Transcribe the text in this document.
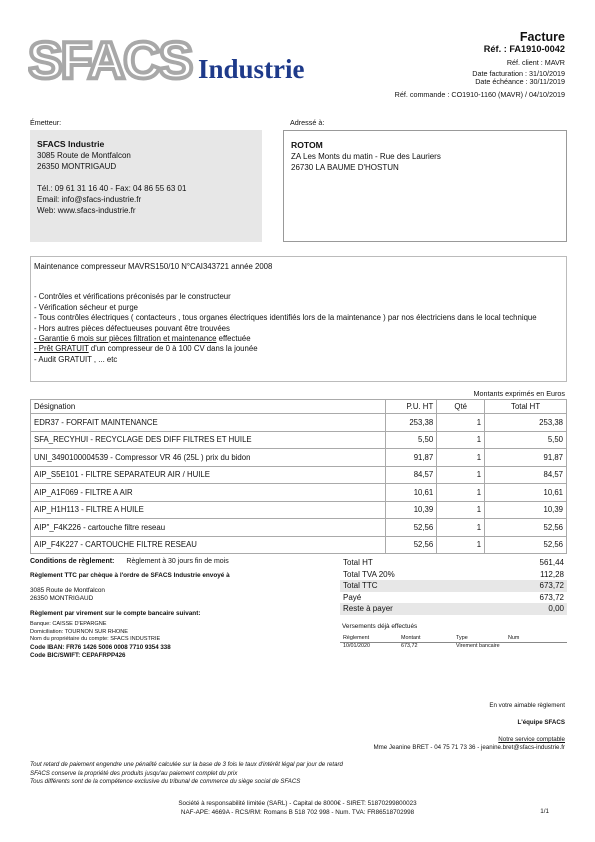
SFACS Industrie
Facture
Réf. : FA1910-0042
Réf. client : MAVR
Date facturation : 31/10/2019
Date échéance : 30/11/2019
Réf. commande : CO1910-1160 (MAVR) / 04/10/2019
Émetteur:	Adressé à:
SFACS Industrie
3085 Route de Montfalcon
26350 MONTRIGAUD
Tél.: 09 61 31 16 40 - Fax: 04 86 55 63 01
Email: info@sfacs-industrie.fr
Web: www.sfacs-industrie.fr
ROTOM
ZA Les Monts du matin - Rue des Lauriers
26730 LA BAUME D'HOSTUN
Maintenance compresseur MAVRS150/10 N°CAI343721 année 2008
- Contrôles et vérifications préconisés par le constructeur
- Vérification sécheur et purge
- Tous contrôles électriques ( contacteurs , tous organes électriques identifiés lors de la maintenance ) par nos électriciens dans le local technique
- Hors autres pièces défectueuses pouvant être trouvées
- Garantie 6 mois sur pièces filtration et maintenance effectuée
- Prêt GRATUIT d'un compresseur de 0 à 100 CV dans la jounée
- Audit GRATUIT , ... etc
Montants exprimés en Euros
Désignation	P.U. HT	Qté	Total HT
EDR37 - FORFAIT MAINTENANCE	253,38	1	253,38
SFA_RECYHUI - RECYCLAGE DES DIFF FILTRES ET HUILE	5,50	1	5,50
UNI_3490100004539 - Compressor VR 46 (25L ) prix du bidon	91,87	1	91,87
AIP_S5E101 - FILTRE SEPARATEUR AIR / HUILE	84,57	1	84,57
AIP_A1F069 - FILTRE A AIR	10,61	1	10,61
AIP_H1H113 - FILTRE A HUILE	10,39	1	10,39
AIP"_F4K226 - cartouche filtre reseau	52,56	1	52,56
AIP_F4K227 - CARTOUCHE FILTRE RESEAU	52,56	1	52,56
Conditions de règlement: Règlement à 30 jours fin de mois
Règlement TTC par chèque à l'ordre de SFACS Industrie envoyé à
3085 Route de Montfalcon
26350 MONTRIGAUD
Règlement par virement sur le compte bancaire suivant:
Banque: CAISSE D'EPARGNE
Domiciliation: TOURNON SUR RHONE
Nom du propriétaire du compte: SFACS INDUSTRIE
Code IBAN: FR76 1426 5006 0008 7710 9354 338
Code BIC/SWIFT: CEPAFRPP426
Total HT	561,44
Total TVA 20%	112,28
Total TTC	673,72
Payé	673,72
Reste à payer	0,00
Versements déjà effectués
Règlement	Montant	Type	Num
10/01/2020	673,72	Virement bancaire	
En votre aimable règlement
L'équipe SFACS
Notre service comptable
Mme Jeanine BRET - 04 75 71 73 36 - jeanine.bret@sfacs-industrie.fr
Tout retard de paiement engendre une pénalité calculée sur la base de 3 fois le taux d'intérêt légal par jour de retard
SFACS conserve la propriété des produits jusqu'au paiement complet du prix
Tous différents sont de la compétence exclusive du tribunal de commerce du siège social de SFACS
Société à responsabilité limitée (SARL) - Capital de 8000€ - SIRET: 51870299800023
NAF-APE: 4669A - RCS/RM: Romans B 518 702 998 - Num. TVA: FR86518702998	1/1
